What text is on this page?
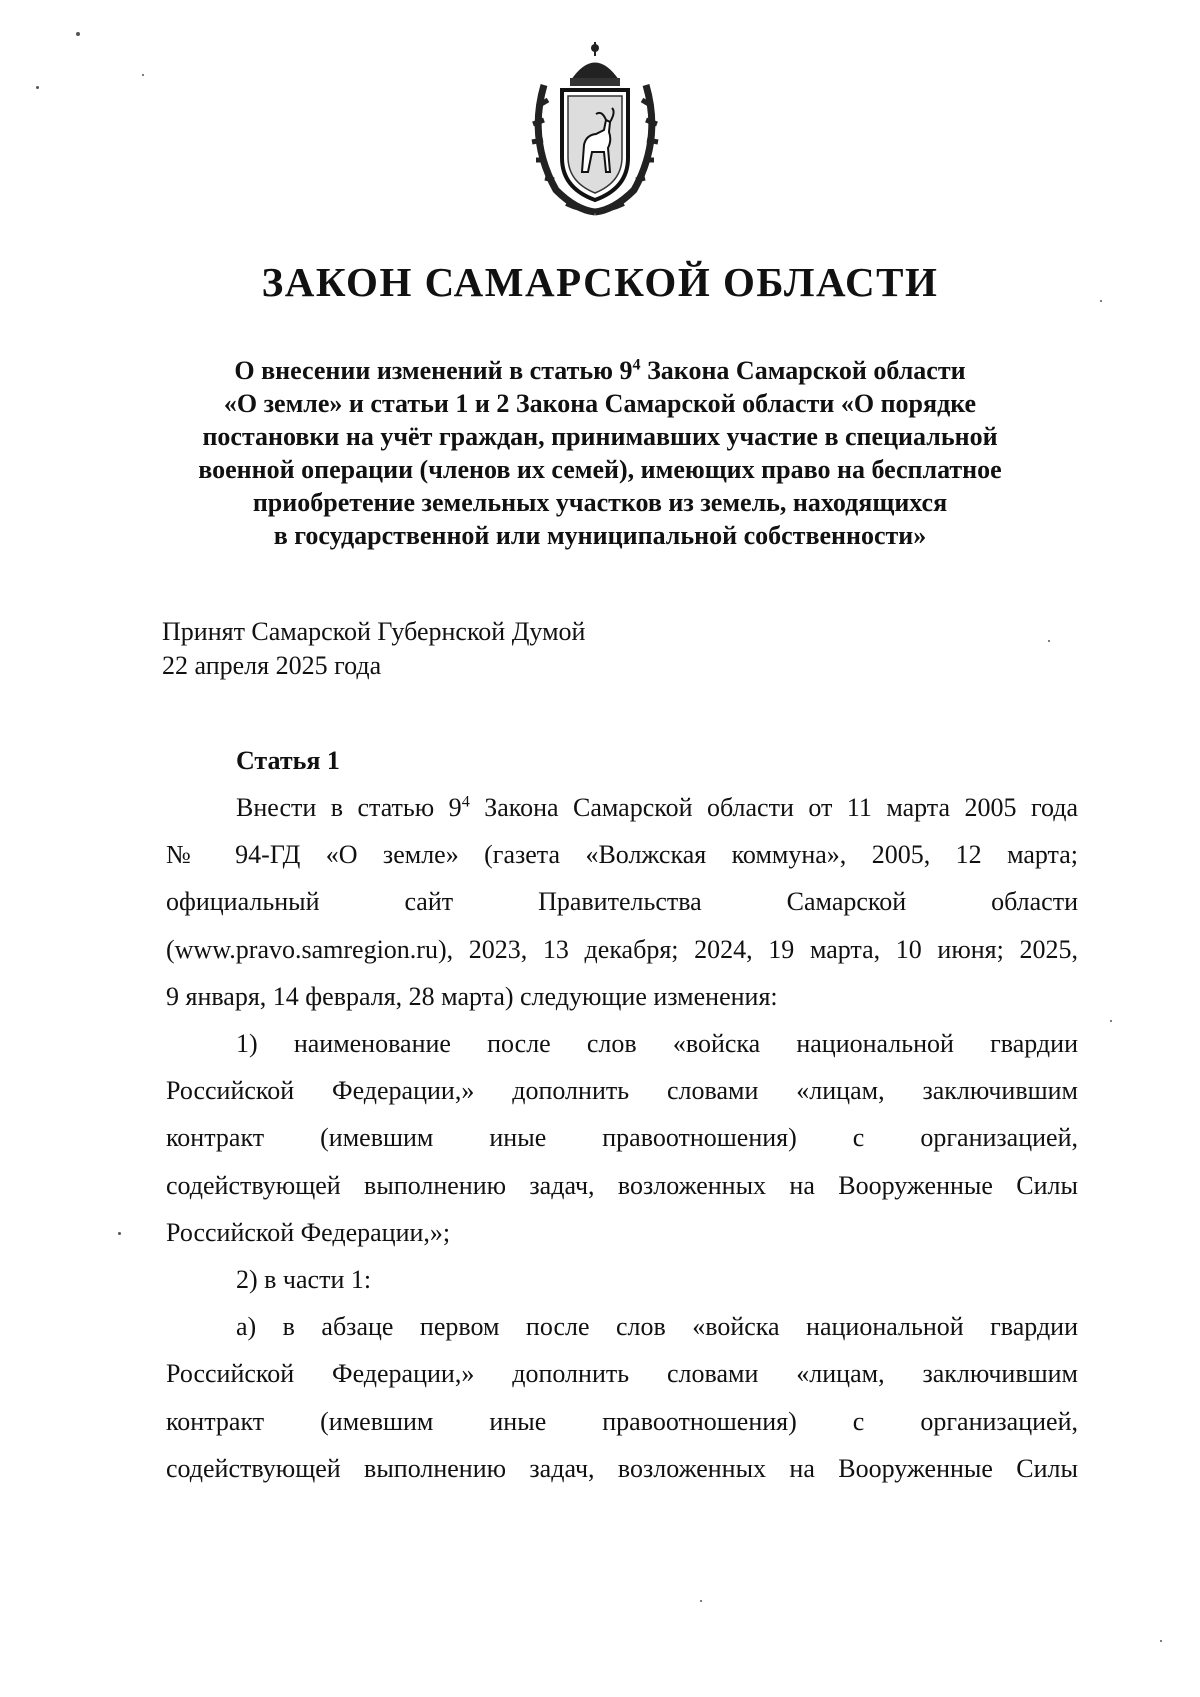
ЗАКОН САМАРСКОЙ ОБЛАСТИ
О внесении изменений в статью $9^4$ Закона Самарской области
«О земле» и статьи 1 и 2 Закона Самарской области «О порядке
постановки на учёт граждан, принимавших участие в специальной
военной операции (членов их семей), имеющих право на бесплатное
приобретение земельных участков из земель, находящихся
в государственной или муниципальной собственности»
Принят Самарской Губернской Думой
22 апреля 2025 года
Статья 1
Внести в статью $9^4$ Закона Самарской области от 11 марта 2005 года
№ 94-ГД «О земле» (газета «Волжская коммуна», 2005, 12 марта;
официальный сайт Правительства Самарской области
(www.pravo.samregion.ru), 2023, 13 декабря; 2024, 19 марта, 10 июня; 2025,
9 января, 14 февраля, 28 марта) следующие изменения:
1) наименование после слов «войска национальной гвардии
Российской Федерации,» дополнить словами «лицам, заключившим
контракт (имевшим иные правоотношения) с организацией,
содействующей выполнению задач, возложенных на Вооруженные Силы
Российской Федерации,»;
2) в части 1:
а) в абзаце первом после слов «войска национальной гвардии
Российской Федерации,» дополнить словами «лицам, заключившим
контракт (имевшим иные правоотношения) с организацией,
содействующей выполнению задач, возложенных на Вооруженные Силы
